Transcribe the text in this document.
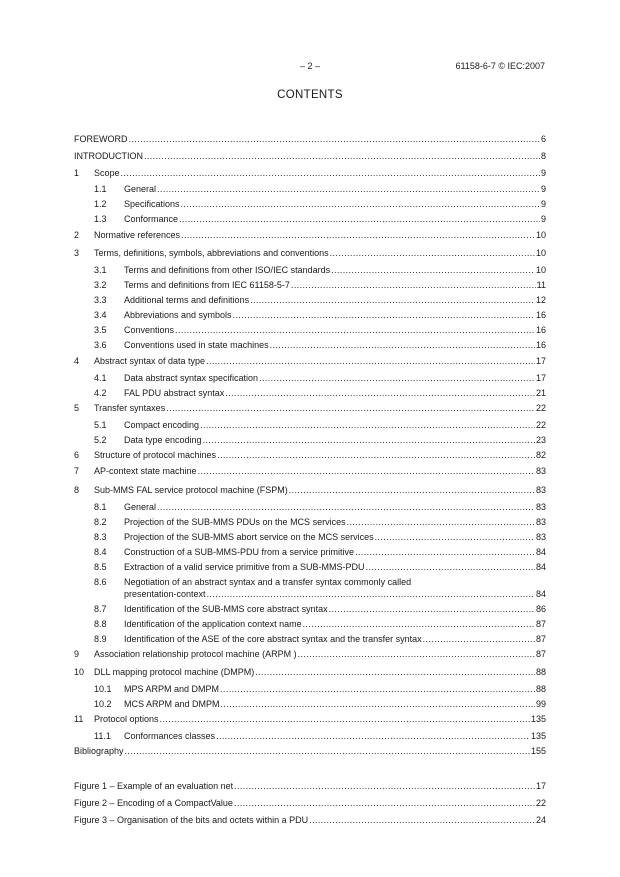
– 2 –	61158-6-7 © IEC:2007
CONTENTS
FOREWORD .....	6
INTRODUCTION .....	8
1	Scope .....	9
1.1	General .....	9
1.2	Specifications .....	9
1.3	Conformance .....	9
2	Normative references .....	10
3	Terms, definitions, symbols, abbreviations and conventions .....	10
3.1	Terms and definitions from other ISO/IEC standards .....	10
3.2	Terms and definitions from IEC 61158-5-7 .....	11
3.3	Additional terms and definitions .....	12
3.4	Abbreviations and symbols .....	16
3.5	Conventions .....	16
3.6	Conventions used in state machines .....	16
4	Abstract syntax of data type .....	17
4.1	Data abstract syntax specification .....	17
4.2	FAL PDU abstract syntax .....	21
5	Transfer syntaxes .....	22
5.1	Compact encoding .....	22
5.2	Data type encoding .....	23
6	Structure of protocol machines .....	82
7	AP-context state machine .....	83
8	Sub-MMS FAL service protocol machine (FSPM) .....	83
8.1	General .....	83
8.2	Projection of the SUB-MMS PDUs on the MCS services .....	83
8.3	Projection of the SUB-MMS abort service on the MCS services .....	83
8.4	Construction of a SUB-MMS-PDU from a service primitive .....	84
8.5	Extraction of a valid service primitive from a SUB-MMS-PDU .....	84
8.6	Negotiation of an abstract syntax and a transfer syntax commonly called
presentation-context .....	84
8.7	Identification of the SUB-MMS core abstract syntax .....	86
8.8	Identification of the application context name .....	87
8.9	Identification of the ASE of the core abstract syntax and the transfer syntax .....	87
9	Association relationship protocol machine (ARPM ) .....	87
10	DLL mapping protocol machine (DMPM) .....	88
10.1	MPS ARPM and DMPM .....	88
10.2	MCS ARPM and DMPM .....	99
11	Protocol options .....	135
11.1	Conformances classes .....	135
Bibliography .....	155
Figure 1 – Example of an evaluation net .....	17
Figure 2 – Encoding of a CompactValue .....	22
Figure 3 – Organisation of the bits and octets within a PDU .....	24
